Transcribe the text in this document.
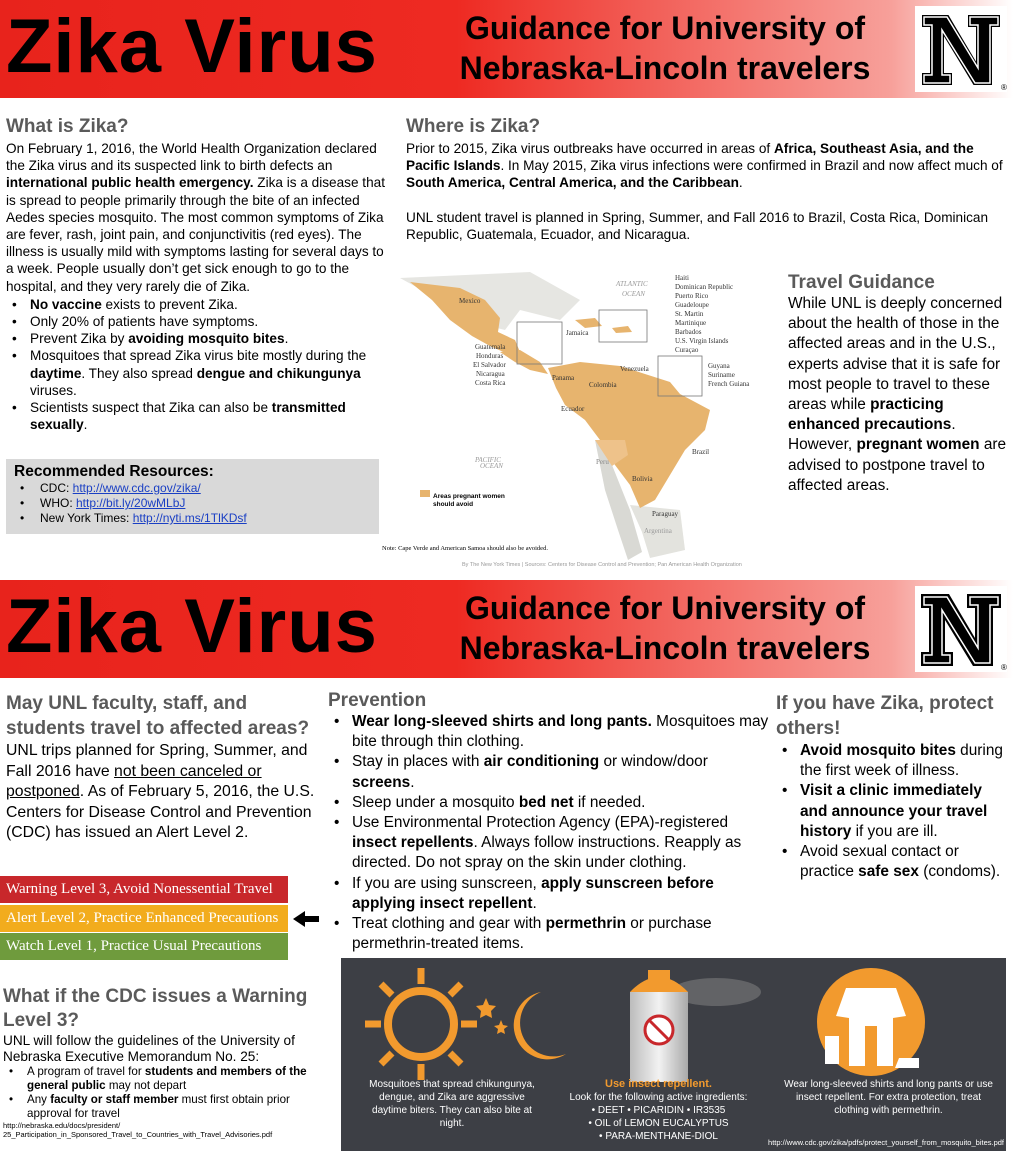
Zika Virus	Guidance for University of
Nebraska-Lincoln travelers
®
What is Zika?
On February 1, 2016, the World Health Organization declared the Zika virus and its suspected link to birth defects an international public health emergency. Zika is a disease that is spread to people primarily through the bite of an infected Aedes species mosquito. The most common symptoms of Zika are fever, rash, joint pain, and conjunctivitis (red eyes). The illness is usually mild with symptoms lasting for several days to a week. People usually don’t get sick enough to go to the hospital, and they very rarely die of Zika.
• No vaccine exists to prevent Zika.
• Only 20% of patients have symptoms.
• Prevent Zika by avoiding mosquito bites.
• Mosquitoes that spread Zika virus bite mostly during the daytime. They also spread dengue and chikungunya viruses.
• Scientists suspect that Zika can also be transmitted sexually.
Recommended Resources:
• CDC: http://www.cdc.gov/zika/
• WHO: http://bit.ly/20wMLbJ
• New York Times: http://nyti.ms/1TlKDsf
Where is Zika?
Prior to 2015, Zika virus outbreaks have occurred in areas of Africa, Southeast Asia, and the Pacific Islands. In May 2015, Zika virus infections were confirmed in Brazil and now affect much of South America, Central America, and the Caribbean.
UNL student travel is planned in Spring, Summer, and Fall 2016 to Brazil, Costa Rica, Dominican Republic, Guatemala, Ecuador, and Nicaragua.
ATLANTIC
OCEAN
PACIFIC
OCEAN
Mexico
Jamaica
Panama
Colombia
Venezuela
Ecuador
Peru
Bolivia
Brazil
Paraguay
Argentina
Guatemala
Honduras
El Salvador
Nicaragua
Costa Rica
Haiti
Dominican Republic
Puerto Rico
Guadeloupe
St. Martin
Martinique
Barbados
U.S. Virgin Islands
Curaçao
Guyana
Suriname
French Guiana
Areas pregnant women should avoid
Note: Cape Verde and American Samoa should also be avoided.
By The New York Times | Sources: Centers for Disease Control and Prevention; Pan American Health Organization
Travel Guidance
While UNL is deeply concerned about the health of those in the affected areas and in the U.S., experts advise that it is safe for most people to travel to these areas while practicing enhanced precautions. However, pregnant women are advised to postpone travel to affected areas.
Zika Virus	Guidance for University of
Nebraska-Lincoln travelers
®
May UNL faculty, staff, and students travel to affected areas? UNL trips planned for Spring, Summer, and Fall 2016 have not been canceled or postponed. As of February 5, 2016, the U.S. Centers for Disease Control and Prevention (CDC) has issued an Alert Level 2.
Warning Level 3, Avoid Nonessential Travel
Alert Level 2, Practice Enhanced Precautions
Watch Level 1, Practice Usual Precautions
What if the CDC issues a Warning Level 3?
UNL will follow the guidelines of the University of Nebraska Executive Memorandum No. 25:
• A program of travel for students and members of the general public may not depart
• Any faculty or staff member must first obtain prior approval for travel
http://nebraska.edu/docs/president/
25_Participation_in_Sponsored_Travel_to_Countries_with_Travel_Advisories.pdf
Prevention
• Wear long-sleeved shirts and long pants. Mosquitoes may bite through thin clothing.
• Stay in places with air conditioning or window/door screens.
• Sleep under a mosquito bed net if needed.
• Use Environmental Protection Agency (EPA)-registered insect repellents. Always follow instructions. Reapply as directed. Do not spray on the skin under clothing.
• If you are using sunscreen, apply sunscreen before applying insect repellent.
• Treat clothing and gear with permethrin or purchase permethrin-treated items.
If you have Zika, protect others!
• Avoid mosquito bites during the first week of illness.
• Visit a clinic immediately and announce your travel history if you are ill.
• Avoid sexual contact or practice safe sex (condoms).
Mosquitoes that spread chikungunya, dengue, and Zika are aggressive daytime biters. They can also bite at night.
Use insect repellent.
Look for the following active ingredients:
• DEET • PICARIDIN • IR3535
• OIL of LEMON EUCALYPTUS
• PARA-MENTHANE-DIOL
Wear long-sleeved shirts and long pants or use insect repellent. For extra protection, treat clothing with permethrin.
http://www.cdc.gov/zika/pdfs/protect_yourself_from_mosquito_bites.pdf
